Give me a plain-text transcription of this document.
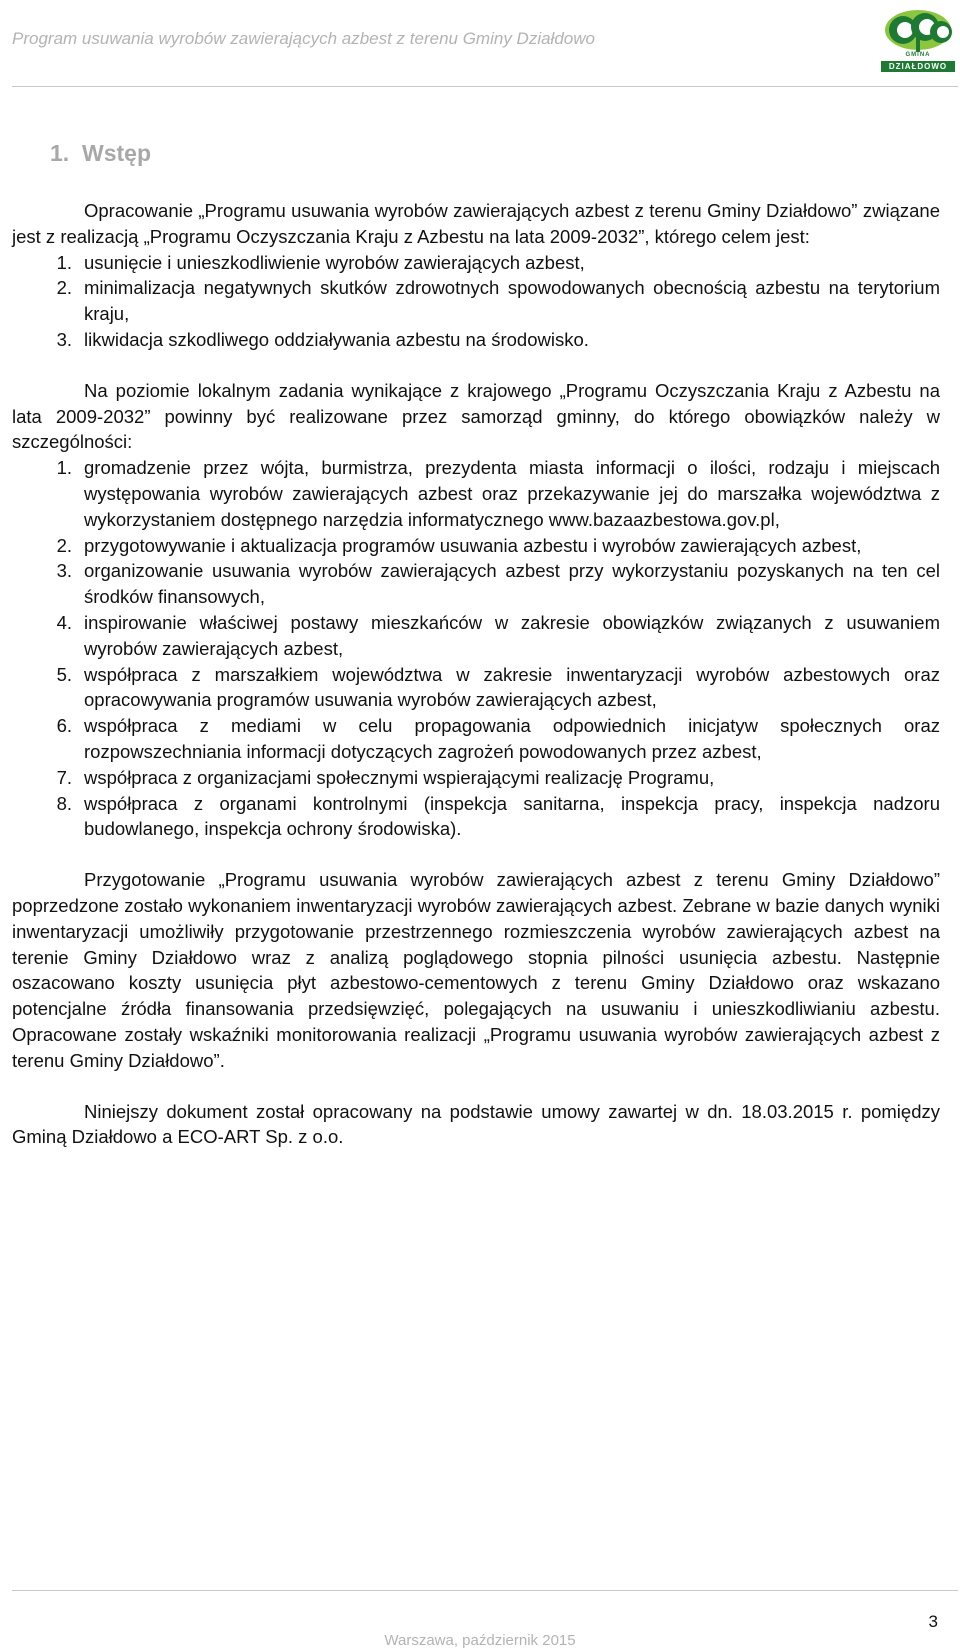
Program usuwania wyrobów zawierających azbest z terenu Gminy Działdowo
GMINA
DZIAŁDOWO
1. Wstęp

Opracowanie „Programu usuwania wyrobów zawierających azbest z terenu Gminy Działdowo” związane jest z realizacją „Programu Oczyszczania Kraju z Azbestu na lata 2009-2032”, którego celem jest:

1. usunięcie i unieszkodliwienie wyrobów zawierających azbest,
2. minimalizacja negatywnych skutków zdrowotnych spowodowanych obecnością azbestu na terytorium kraju,
3. likwidacja szkodliwego oddziaływania azbestu na środowisko.

Na poziomie lokalnym zadania wynikające z krajowego „Programu Oczyszczania Kraju z Azbestu na lata 2009-2032” powinny być realizowane przez samorząd gminny, do którego obowiązków należy w szczególności:

1. gromadzenie przez wójta, burmistrza, prezydenta miasta informacji o ilości, rodzaju i miejscach występowania wyrobów zawierających azbest oraz przekazywanie jej do marszałka województwa z wykorzystaniem dostępnego narzędzia informatycznego www.bazaazbestowa.gov.pl,
2. przygotowywanie i aktualizacja programów usuwania azbestu i wyrobów zawierających azbest,
3. organizowanie usuwania wyrobów zawierających azbest przy wykorzystaniu pozyskanych na ten cel środków finansowych,
4. inspirowanie właściwej postawy mieszkańców w zakresie obowiązków związanych z usuwaniem wyrobów zawierających azbest,
5. współpraca z marszałkiem województwa w zakresie inwentaryzacji wyrobów azbestowych oraz opracowywania programów usuwania wyrobów zawierających azbest,
6. współpraca z mediami w celu propagowania odpowiednich inicjatyw społecznych oraz rozpowszechniania informacji dotyczących zagrożeń powodowanych przez azbest,
7. współpraca z organizacjami społecznymi wspierającymi realizację Programu,
8. współpraca z organami kontrolnymi (inspekcja sanitarna, inspekcja pracy, inspekcja nadzoru budowlanego, inspekcja ochrony środowiska).

Przygotowanie „Programu usuwania wyrobów zawierających azbest z terenu Gminy Działdowo” poprzedzone zostało wykonaniem inwentaryzacji wyrobów zawierających azbest. Zebrane w bazie danych wyniki inwentaryzacji umożliwiły przygotowanie przestrzennego rozmieszczenia wyrobów zawierających azbest na terenie Gminy Działdowo wraz z analizą poglądowego stopnia pilności usunięcia azbestu. Następnie oszacowano koszty usunięcia płyt azbestowo-cementowych z terenu Gminy Działdowo oraz wskazano potencjalne źródła finansowania przedsięwzięć, polegających na usuwaniu i unieszkodliwianiu azbestu. Opracowane zostały wskaźniki monitorowania realizacji „Programu usuwania wyrobów zawierających azbest z terenu Gminy Działdowo”.

Niniejszy dokument został opracowany na podstawie umowy zawartej w dn. 18.03.2015 r. pomiędzy Gminą Działdowo a ECO-ART Sp. z o.o.

3
Warszawa, październik 2015
